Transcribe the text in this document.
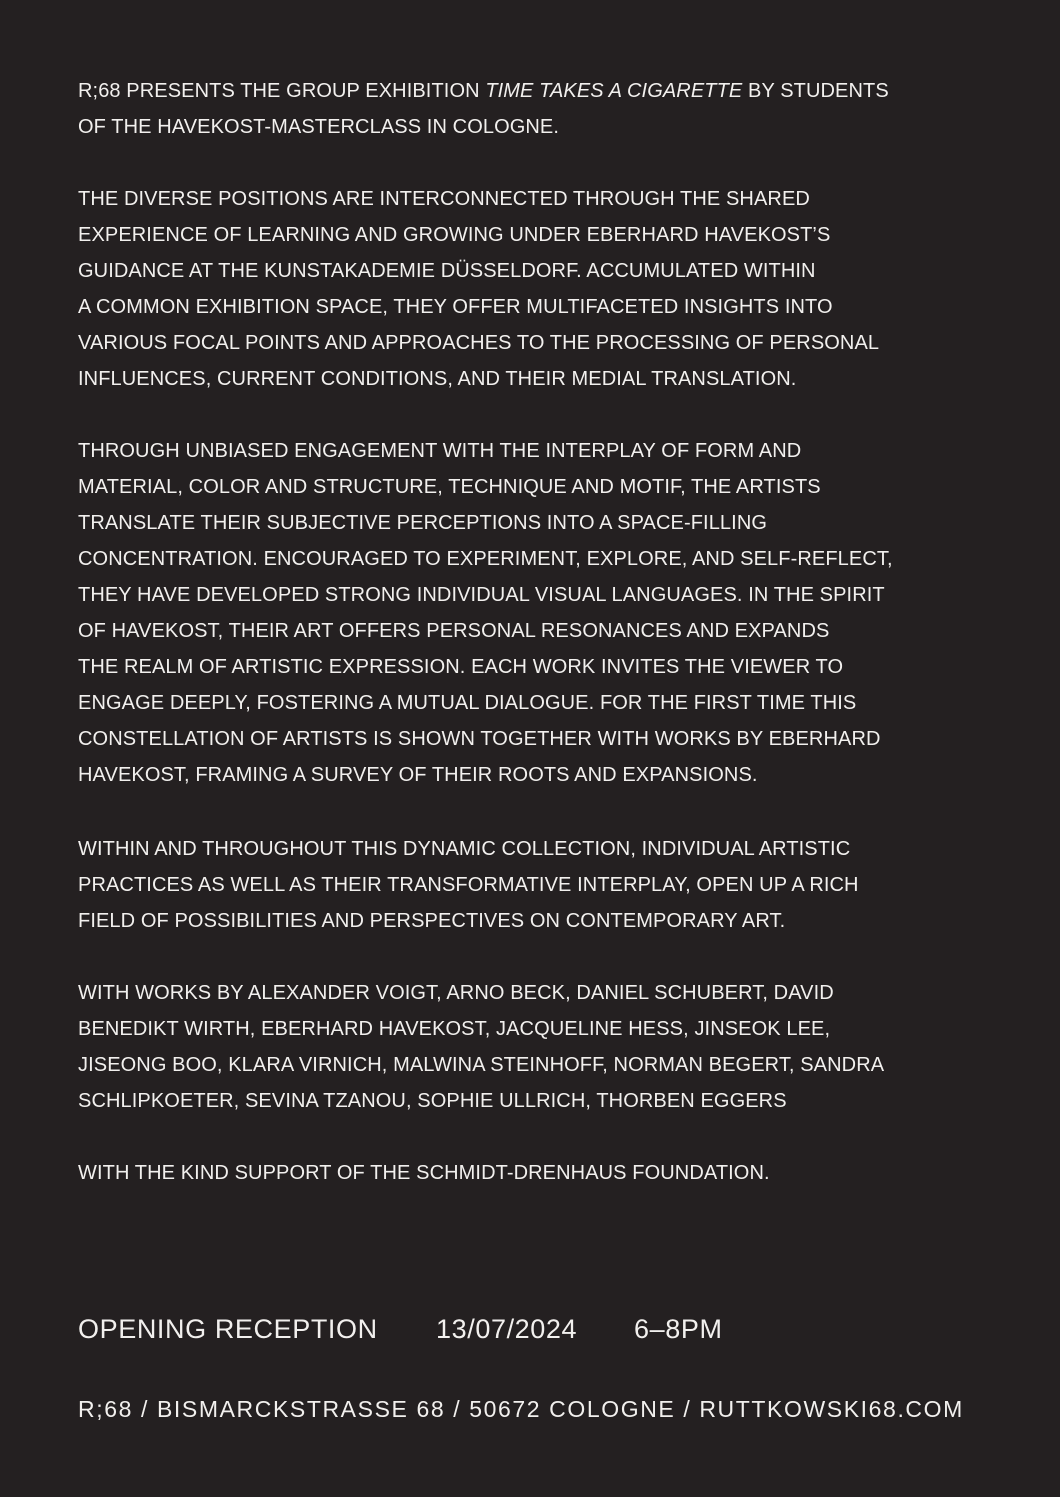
R;68 PRESENTS THE GROUP EXHIBITION TIME TAKES A CIGARETTE BY STUDENTS
OF THE HAVEKOST-MASTERCLASS IN COLOGNE.
THE DIVERSE POSITIONS ARE INTERCONNECTED THROUGH THE SHARED
EXPERIENCE OF LEARNING AND GROWING UNDER EBERHARD HAVEKOST’S
GUIDANCE AT THE KUNSTAKADEMIE DÜSSELDORF. ACCUMULATED WITHIN
A COMMON EXHIBITION SPACE, THEY OFFER MULTIFACETED INSIGHTS INTO
VARIOUS FOCAL POINTS AND APPROACHES TO THE PROCESSING OF PERSONAL
INFLUENCES, CURRENT CONDITIONS, AND THEIR MEDIAL TRANSLATION.
THROUGH UNBIASED ENGAGEMENT WITH THE INTERPLAY OF FORM AND
MATERIAL, COLOR AND STRUCTURE, TECHNIQUE AND MOTIF, THE ARTISTS
TRANSLATE THEIR SUBJECTIVE PERCEPTIONS INTO A SPACE-FILLING
CONCENTRATION. ENCOURAGED TO EXPERIMENT, EXPLORE, AND SELF-REFLECT,
THEY HAVE DEVELOPED STRONG INDIVIDUAL VISUAL LANGUAGES. IN THE SPIRIT
OF HAVEKOST, THEIR ART OFFERS PERSONAL RESONANCES AND EXPANDS
THE REALM OF ARTISTIC EXPRESSION. EACH WORK INVITES THE VIEWER TO
ENGAGE DEEPLY, FOSTERING A MUTUAL DIALOGUE. FOR THE FIRST TIME THIS
CONSTELLATION OF ARTISTS IS SHOWN TOGETHER WITH WORKS BY EBERHARD
HAVEKOST, FRAMING A SURVEY OF THEIR ROOTS AND EXPANSIONS.
WITHIN AND THROUGHOUT THIS DYNAMIC COLLECTION, INDIVIDUAL ARTISTIC
PRACTICES AS WELL AS THEIR TRANSFORMATIVE INTERPLAY, OPEN UP A RICH
FIELD OF POSSIBILITIES AND PERSPECTIVES ON CONTEMPORARY ART.
WITH WORKS BY ALEXANDER VOIGT, ARNO BECK, DANIEL SCHUBERT, DAVID
BENEDIKT WIRTH, EBERHARD HAVEKOST, JACQUELINE HESS, JINSEOK LEE,
JISEONG BOO, KLARA VIRNICH, MALWINA STEINHOFF, NORMAN BEGERT, SANDRA
SCHLIPKOETER, SEVINA TZANOU, SOPHIE ULLRICH, THORBEN EGGERS
WITH THE KIND SUPPORT OF THE SCHMIDT-DRENHAUS FOUNDATION.
OPENING RECEPTION 13/07/2024 6–8PM
R;68 / BISMARCKSTRASSE 68 / 50672 COLOGNE / RUTTKOWSKI68.COM
